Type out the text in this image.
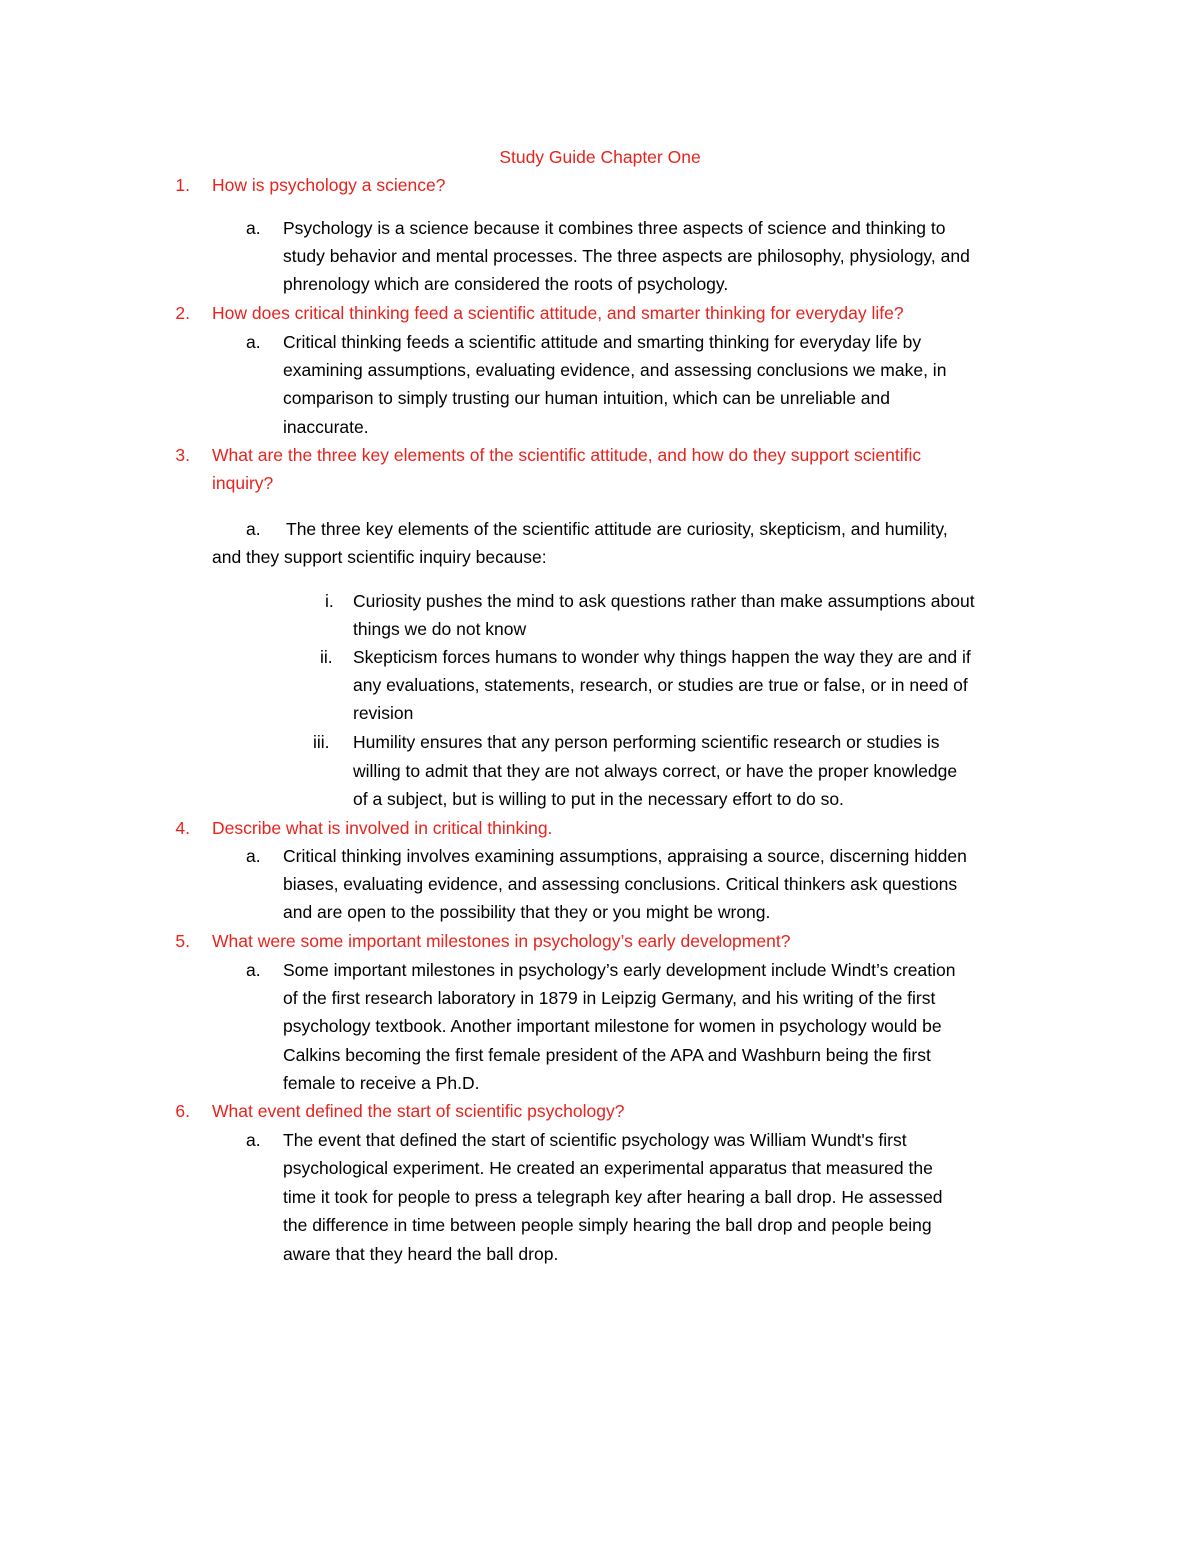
Study Guide Chapter One
1. How is psychology a science?
a. Psychology is a science because it combines three aspects of science and thinking to
study behavior and mental processes. The three aspects are philosophy, physiology, and
phrenology which are considered the roots of psychology.
2. How does critical thinking feed a scientific attitude, and smarter thinking for everyday life?
a. Critical thinking feeds a scientific attitude and smarting thinking for everyday life by
examining assumptions, evaluating evidence, and assessing conclusions we make, in
comparison to simply trusting our human intuition, which can be unreliable and
inaccurate.
3. What are the three key elements of the scientific attitude, and how do they support scientific
inquiry?
a. The three key elements of the scientific attitude are curiosity, skepticism, and humility,
and they support scientific inquiry because:
i. Curiosity pushes the mind to ask questions rather than make assumptions about
things we do not know
ii. Skepticism forces humans to wonder why things happen the way they are and if
any evaluations, statements, research, or studies are true or false, or in need of
revision
iii. Humility ensures that any person performing scientific research or studies is
willing to admit that they are not always correct, or have the proper knowledge
of a subject, but is willing to put in the necessary effort to do so.
4. Describe what is involved in critical thinking.
a. Critical thinking involves examining assumptions, appraising a source, discerning hidden
biases, evaluating evidence, and assessing conclusions. Critical thinkers ask questions
and are open to the possibility that they or you might be wrong.
5. What were some important milestones in psychology’s early development?
a. Some important milestones in psychology’s early development include Windt’s creation
of the first research laboratory in 1879 in Leipzig Germany, and his writing of the first
psychology textbook. Another important milestone for women in psychology would be
Calkins becoming the first female president of the APA and Washburn being the first
female to receive a Ph.D.
6. What event defined the start of scientific psychology?
a. The event that defined the start of scientific psychology was William Wundt's first
psychological experiment. He created an experimental apparatus that measured the
time it took for people to press a telegraph key after hearing a ball drop. He assessed
the difference in time between people simply hearing the ball drop and people being
aware that they heard the ball drop.
